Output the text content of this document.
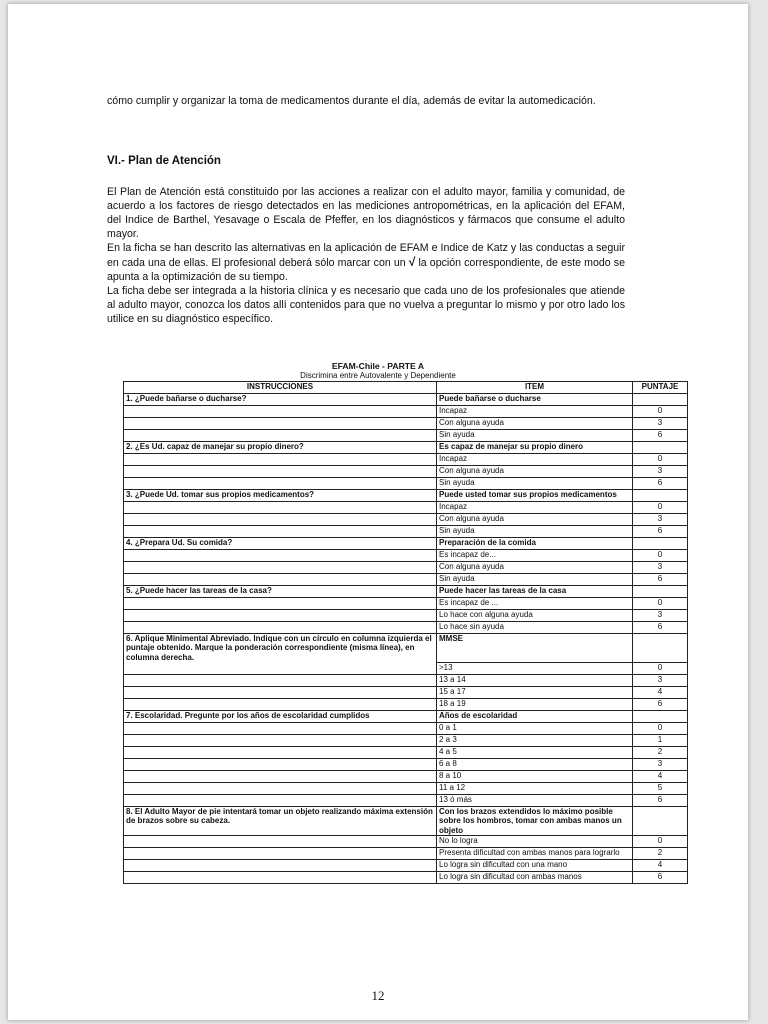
cómo cumplir y organizar la toma de medicamentos durante el día, además de evitar la automedicación.

VI.- Plan de Atención

El Plan de Atención está constituido por las acciones a realizar con el adulto mayor, familia y comunidad, de acuerdo a los factores de riesgo detectados en las mediciones antropométricas, en la aplicación del EFAM, del Indice de Barthel, Yesavage o Escala de Pfeffer, en los diagnósticos y fármacos que consume el adulto mayor.

En la ficha se han descrito las alternativas en la aplicación de EFAM e Indice de Katz y las conductas a seguir en cada una de ellas. El profesional deberá sólo marcar con un √ la opción correspondiente, de este modo se apunta a la optimización de su tiempo.

La ficha debe ser integrada a la historia clínica y es necesario que cada uno de los profesionales que atiende al adulto mayor, conozca los datos allí contenidos para que no vuelva a preguntar lo mismo y por otro lado los utilice en su diagnóstico específico.

EFAM-Chile - PARTE A

Discrimina entre Autovalente y Dependiente

INSTRUCCIONES	ITEM	PUNTAJE
1. ¿Puede bañarse o ducharse?	Puede bañarse o ducharse	
	Incapaz	0
	Con alguna ayuda	3
	Sin ayuda	6
2. ¿Es Ud. capaz de manejar su propio dinero?	Es capaz de manejar su propio dinero	
	Incapaz	0
	Con alguna ayuda	3
	Sin ayuda	6
3. ¿Puede Ud. tomar sus propios medicamentos?	Puede usted tomar sus propios medicamentos	
	Incapaz	0
	Con alguna ayuda	3
	Sin ayuda	6
4. ¿Prepara Ud. Su comida?	Preparación de la comida	
	Es incapaz de...	0
	Con alguna ayuda	3
	Sin ayuda	6
5. ¿Puede hacer las tareas de la casa?	Puede hacer las tareas de la casa	
	Es incapaz de ...	0
	Lo hace con alguna ayuda	3
	Lo hace sin ayuda	6
6. Aplique Minimental Abreviado. Indique con un círculo en columna izquierda el puntaje obtenido. Marque la ponderación correspondiente (misma línea), en columna derecha.	MMSE	
	>13	0
	13 a 14	3
	15 a 17	4
	18 a 19	6
7. Escolaridad. Pregunte por los años de escolaridad cumplidos	Años de escolaridad	
	0 a 1	0
	2 a 3	1
	4 a 5	2
	6 a 8	3
	8 a 10	4
	11 a 12	5
	13 ó más	6
8. El Adulto Mayor de pie intentará tomar un objeto realizando máxima extensión de brazos sobre su cabeza.	Con los brazos extendidos lo máximo posible sobre los hombros, tomar con ambas manos un objeto	
	No lo logra	0
	Presenta dificultad con ambas manos para lograrlo	2
	Lo logra sin dificultad con una mano	4
	Lo logra sin dificultad con ambas manos	6
12
